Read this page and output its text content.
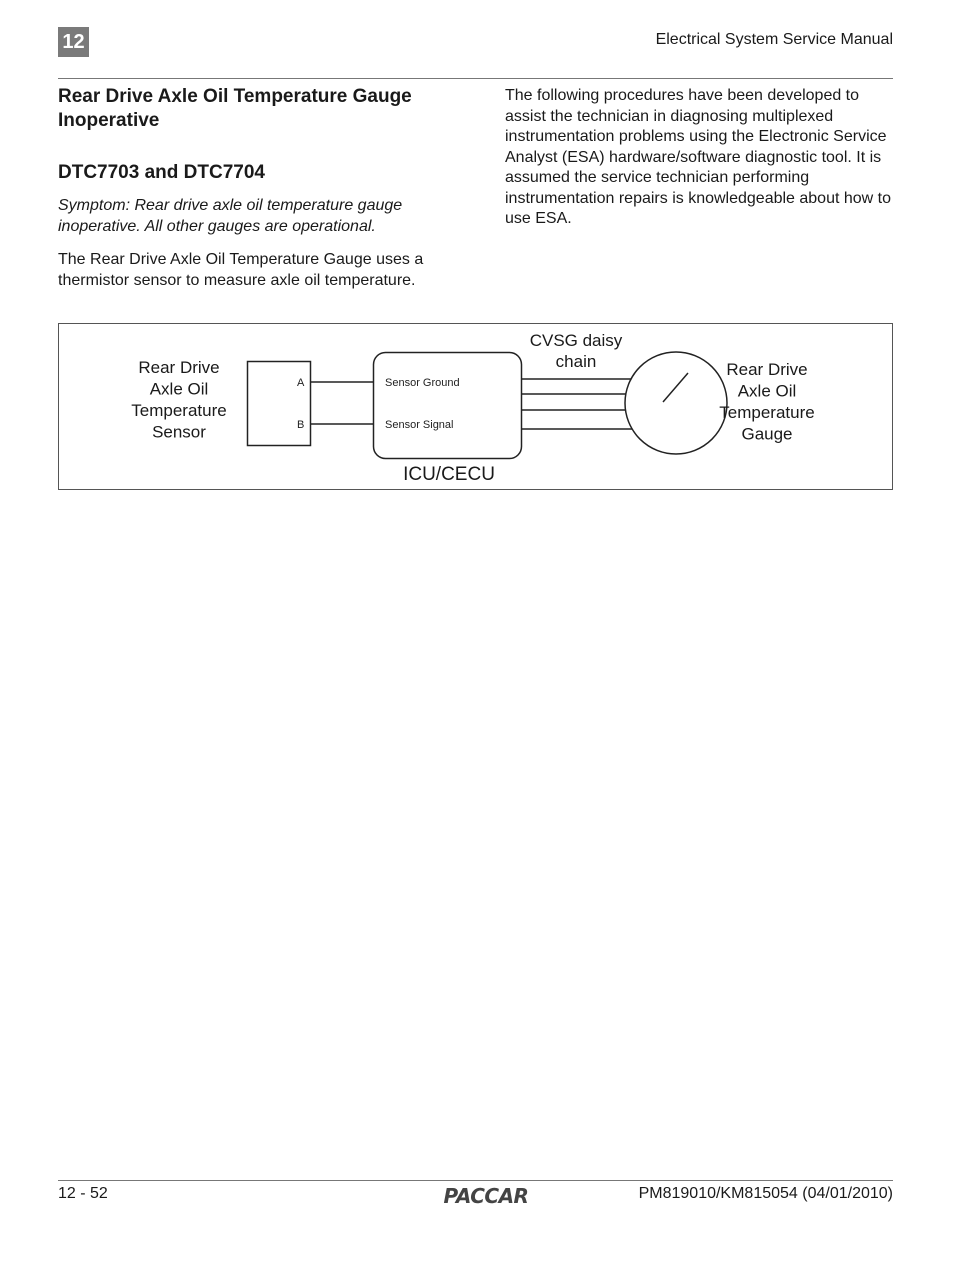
12	Electrical System Service Manual
Rear Drive Axle Oil Temperature Gauge Inoperative
DTC7703 and DTC7704
Symptom: Rear drive axle oil temperature gauge inoperative. All other gauges are operational.
The Rear Drive Axle Oil Temperature Gauge uses a thermistor sensor to measure axle oil temperature.
The following procedures have been developed to assist the technician in diagnosing multiplexed instrumentation problems using the Electronic Service Analyst (ESA) hardware/software diagnostic tool. It is assumed the service technician performing instrumentation repairs is knowledgeable about how to use ESA.
Rear Drive
Axle Oil
Temperature
Sensor
A
B
Sensor Ground
Sensor Signal
ICU/CECU
CVSG daisy
chain	Rear Drive
Axle Oil
Temperature
Gauge
12 - 52	PACCAR	PM819010/KM815054 (04/01/2010)
